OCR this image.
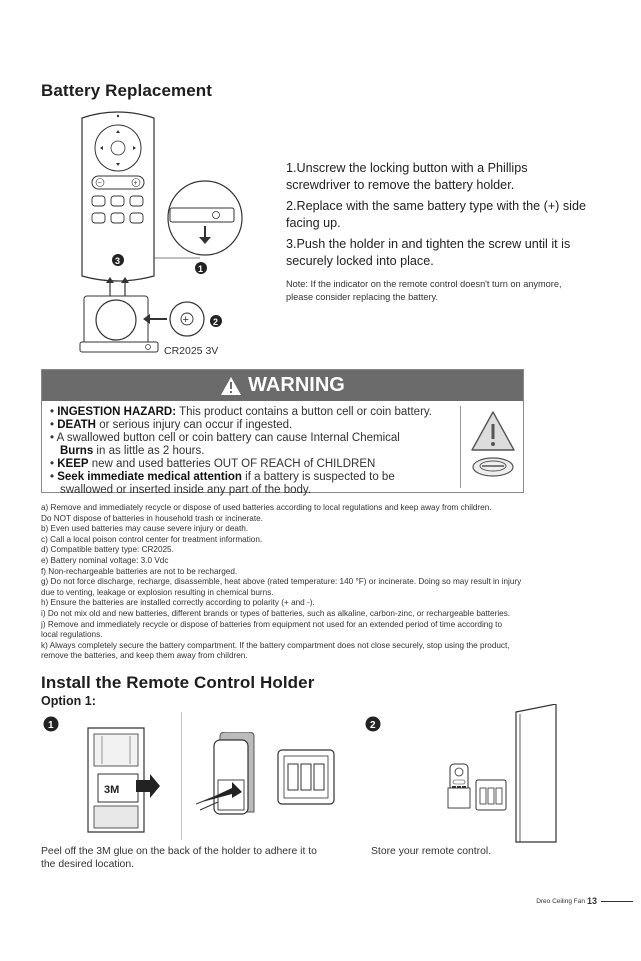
Battery Replacement
−	+
3
1
+	2
CR2025 3V

1.Unscrew the locking button with a Phillips screwdriver to remove the battery holder.

2.Replace with the same battery type with the (+) side facing up.

3.Push the holder in and tighten the screw until it is securely locked into place.

Note: If the indicator on the remote control doesn't turn on anymore, please consider replacing the battery.

WARNING
• INGESTION HAZARD: This product contains a button cell or coin battery.
• DEATH or serious injury can occur if ingested.
• A swallowed button cell or coin battery can cause Internal Chemical
Burns in as little as 2 hours.
• KEEP new and used batteries OUT OF REACH of CHILDREN
• Seek immediate medical attention if a battery is suspected to be
swallowed or inserted inside any part of the body.
a) Remove and immediately recycle or dispose of used batteries according to local regulations and keep away from children.
Do NOT dispose of batteries in household trash or incinerate.
b) Even used batteries may cause severe injury or death.
c) Call a local poison control center for treatment information.
d) Compatible battery type: CR2025.
e) Battery nominal voltage: 3.0 Vdc
f) Non-rechargeable batteries are not to be recharged.
g) Do not force discharge, recharge, disassemble, heat above (rated temperature: 140 °F) or incinerate. Doing so may result in injury
due to venting, leakage or explosion resulting in chemical burns.
h) Ensure the batteries are installed correctly according to polarity (+ and -).
i) Do not mix old and new batteries, different brands or types of batteries, such as alkaline, carbon-zinc, or rechargeable batteries.
j) Remove and immediately recycle or dispose of batteries from equipment not used for an extended period of time according to
local regulations.
k) Always completely secure the battery compartment. If the battery compartment does not close securely, stop using the product,
remove the batteries, and keep them away from children.
Install the Remote Control Holder
Option 1:
1
3M
2
Peel off the 3M glue on the back of the holder to adhere it to the desired location.
Store your remote control.
Dreo Ceiling Fan 13
